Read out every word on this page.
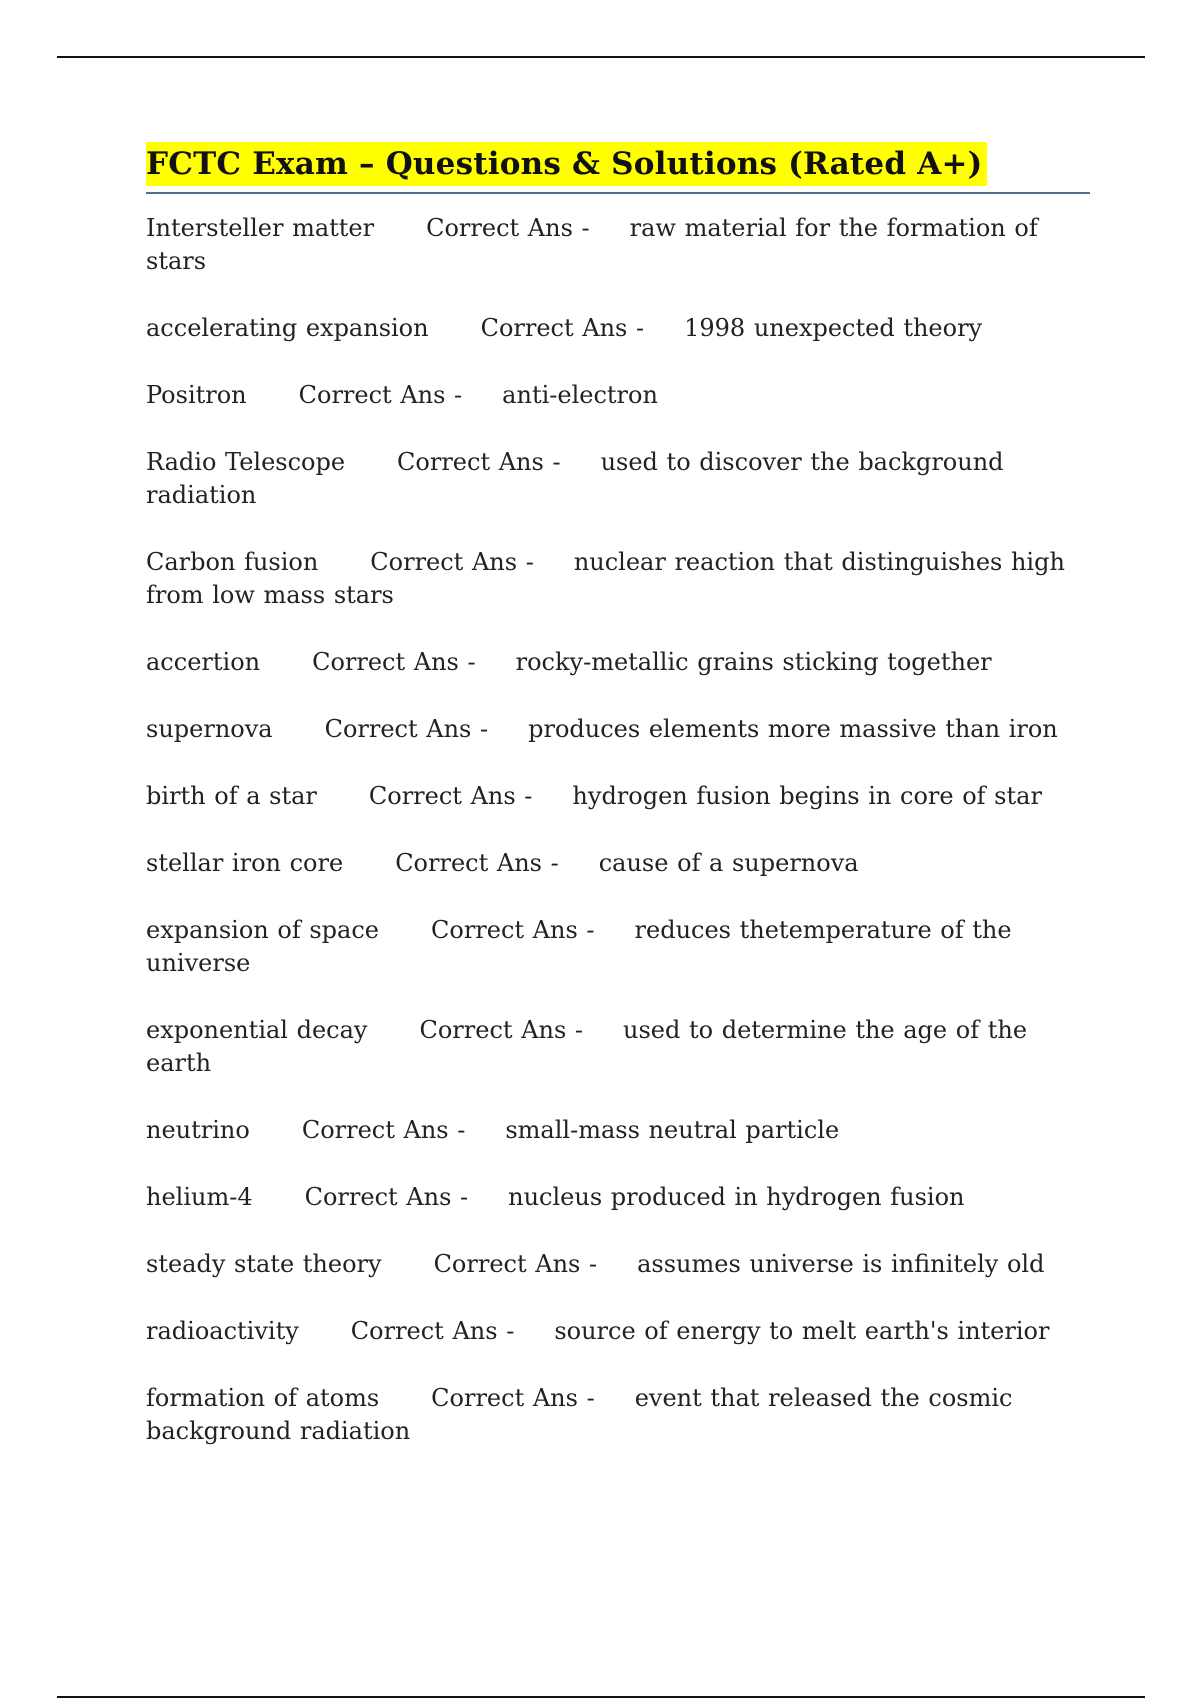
FCTC Exam – Questions & Solutions (Rated A+)
Intersteller matter Correct Ans - raw material for the formation of stars
accelerating expansion Correct Ans - 1998 unexpected theory
Positron Correct Ans - anti-electron
Radio Telescope Correct Ans - used to discover the background radiation
Carbon fusion Correct Ans - nuclear reaction that distinguishes high from low mass stars
accertion Correct Ans - rocky-metallic grains sticking together
supernova Correct Ans - produces elements more massive than iron
birth of a star Correct Ans - hydrogen fusion begins in core of star
stellar iron core Correct Ans - cause of a supernova
expansion of space Correct Ans - reduces thetemperature of the universe
exponential decay Correct Ans - used to determine the age of the earth
neutrino Correct Ans - small-mass neutral particle
helium-4 Correct Ans - nucleus produced in hydrogen fusion
steady state theory Correct Ans - assumes universe is infinitely old
radioactivity Correct Ans - source of energy to melt earth's interior
formation of atoms Correct Ans - event that released the cosmic background radiation
